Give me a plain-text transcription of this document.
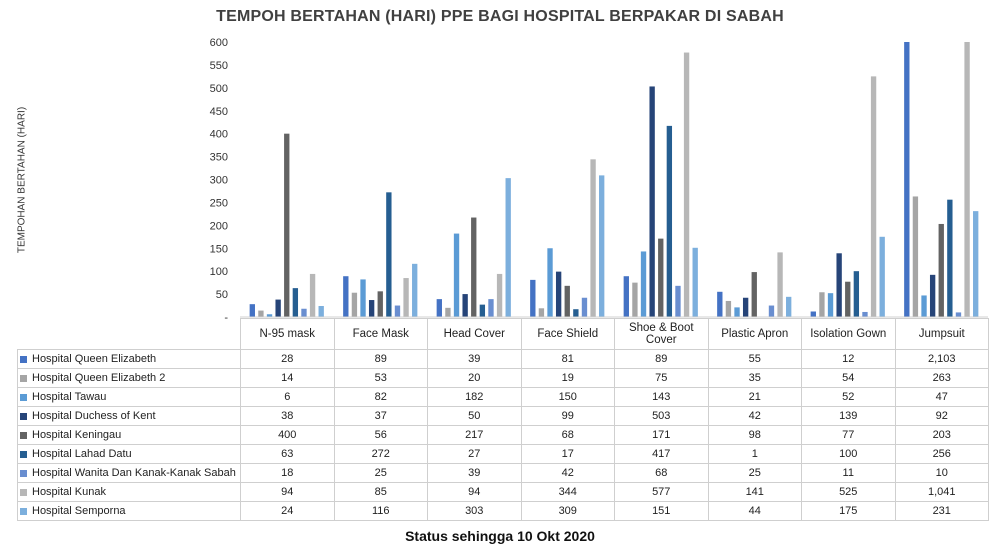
TEMPOH BERTAHAN (HARI) PPE BAGI HOSPITAL BERPAKAR DI SABAH
TEMPOHAN BERTAHAN (HARI)
600
550
500
450
400
350
300
250
200
150
100
50
-
	N-95 mask	Face Mask	Head Cover	Face Shield	Shoe & Boot Cover	Plastic Apron	Isolation Gown	Jumpsuit
Hospital Queen Elizabeth	28	89	39	81	89	55	12	2,103
Hospital Queen Elizabeth 2	14	53	20	19	75	35	54	263
Hospital Tawau	6	82	182	150	143	21	52	47
Hospital Duchess of Kent	38	37	50	99	503	42	139	92
Hospital Keningau	400	56	217	68	171	98	77	203
Hospital Lahad Datu	63	272	27	17	417	1	100	256
Hospital Wanita Dan Kanak-Kanak Sabah	18	25	39	42	68	25	11	10
Hospital Kunak	94	85	94	344	577	141	525	1,041
Hospital Semporna	24	116	303	309	151	44	175	231
Status sehingga 10 Okt 2020
